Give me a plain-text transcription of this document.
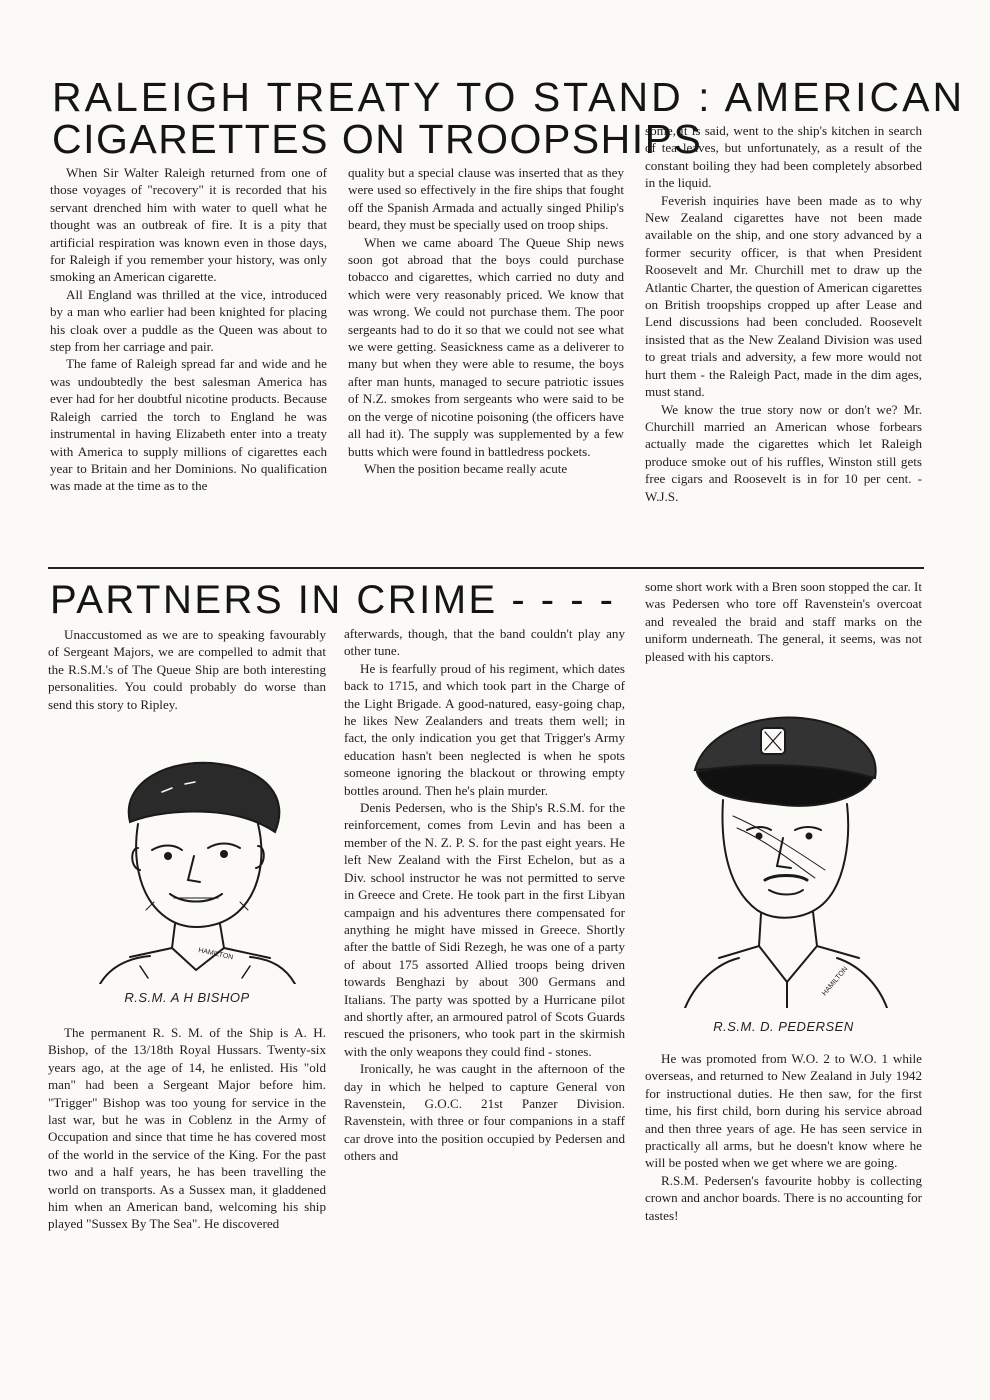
RALEIGH TREATY TO STAND : AMERICAN
CIGARETTES ON TROOPSHIPS

When Sir Walter Raleigh returned from one of those voyages of "recovery" it is recorded that his servant drenched him with water to quell what he thought was an outbreak of fire. It is a pity that artificial respiration was known even in those days, for Raleigh if you remember your history, was only smoking an American cigarette.

All England was thrilled at the vice, introduced by a man who earlier had been knighted for placing his cloak over a puddle as the Queen was about to step from her carriage and pair.

The fame of Raleigh spread far and wide and he was undoubtedly the best salesman America has ever had for her doubtful nicotine products. Because Raleigh carried the torch to England he was instrumental in having Elizabeth enter into a treaty with America to supply millions of cigarettes each year to Britain and her Dominions. No qualification was made at the time as to the

quality but a special clause was inserted that as they were used so effectively in the fire ships that fought off the Spanish Armada and actually singed Philip's beard, they must be specially used on troop ships.

When we came aboard The Queue Ship news soon got abroad that the boys could purchase tobacco and cigarettes, which carried no duty and which were very reasonably priced. We know that was wrong. We could not purchase them. The poor sergeants had to do it so that we could not see what we were getting. Seasickness came as a deliverer to many but when they were able to resume, the boys after man hunts, managed to secure patriotic issues of N.Z. smokes from sergeants who were said to be on the verge of nicotine poisoning (the officers have all had it). The supply was supplemented by a few butts which were found in battledress pockets.

When the position became really acute

some, it is said, went to the ship's kitchen in search of tea leaves, but unfortunately, as a result of the constant boiling they had been completely absorbed in the liquid.

Feverish inquiries have been made as to why New Zealand cigarettes have not been made available on the ship, and one story advanced by a former security officer, is that when President Roosevelt and Mr. Churchill met to draw up the Atlantic Charter, the question of American cigarettes on British troopships cropped up after Lease and Lend discussions had been concluded. Roosevelt insisted that as the New Zealand Division was used to great trials and adversity, a few more would not hurt them - the Raleigh Pact, made in the dim ages, must stand.

We know the true story now or don't we? Mr. Churchill married an American whose forbears actually made the cigarettes which let Raleigh produce smoke out of his ruffles, Winston still gets free cigars and Roosevelt is in for 10 per cent. - W.J.S.

PARTNERS IN CRIME - - - -

Unaccustomed as we are to speaking favourably of Sergeant Majors, we are compelled to admit that the R.S.M.'s of The Queue Ship are both interesting personalities. You could probably do worse than send this story to Ripley.

HAMILTON
R.S.M. A H BISHOP

The permanent R. S. M. of the Ship is A. H. Bishop, of the 13/18th Royal Hussars. Twenty-six years ago, at the age of 14, he enlisted. His "old man" had been a Sergeant Major before him. "Trigger" Bishop was too young for service in the last war, but he was in Coblenz in the Army of Occupation and since that time he has covered most of the world in the service of the King. For the past two and a half years, he has been travelling the world on transports. As a Sussex man, it gladdened him when an American band, welcoming his ship played "Sussex By The Sea". He discovered

afterwards, though, that the band couldn't play any other tune.

He is fearfully proud of his regiment, which dates back to 1715, and which took part in the Charge of the Light Brigade. A good-natured, easy-going chap, he likes New Zealanders and treats them well; in fact, the only indication you get that Trigger's Army education hasn't been neglected is when he spots someone ignoring the blackout or throwing empty bottles around. Then he's plain murder.

Denis Pedersen, who is the Ship's R.S.M. for the reinforcement, comes from Levin and has been a member of the N. Z. P. S. for the past eight years. He left New Zealand with the First Echelon, but as a Div. school instructor he was not permitted to serve in Greece and Crete. He took part in the first Libyan campaign and his adventures there compensated for anything he might have missed in Greece. Shortly after the battle of Sidi Rezegh, he was one of a party of about 175 assorted Allied troops being driven towards Benghazi by about 300 Germans and Italians. The party was spotted by a Hurricane pilot and shortly after, an armoured patrol of Scots Guards rescued the prisoners, who took part in the skirmish with the only weapons they could find - stones.

Ironically, he was caught in the afternoon of the day in which he helped to capture General von Ravenstein, G.O.C. 21st Panzer Division. Ravenstein, with three or four companions in a staff car drove into the position occupied by Pedersen and others and

some short work with a Bren soon stopped the car. It was Pedersen who tore off Ravenstein's overcoat and revealed the braid and staff marks on the uniform underneath. The general, it seems, was not pleased with his captors.

HAMILTON
R.S.M. D. PEDERSEN

He was promoted from W.O. 2 to W.O. 1 while overseas, and returned to New Zealand in July 1942 for instructional duties. He then saw, for the first time, his first child, born during his service abroad and then three years of age. He has seen service in practically all arms, but he doesn't know where he will be posted when we get where we are going.

R.S.M. Pedersen's favourite hobby is collecting crown and anchor boards. There is no accounting for tastes!
